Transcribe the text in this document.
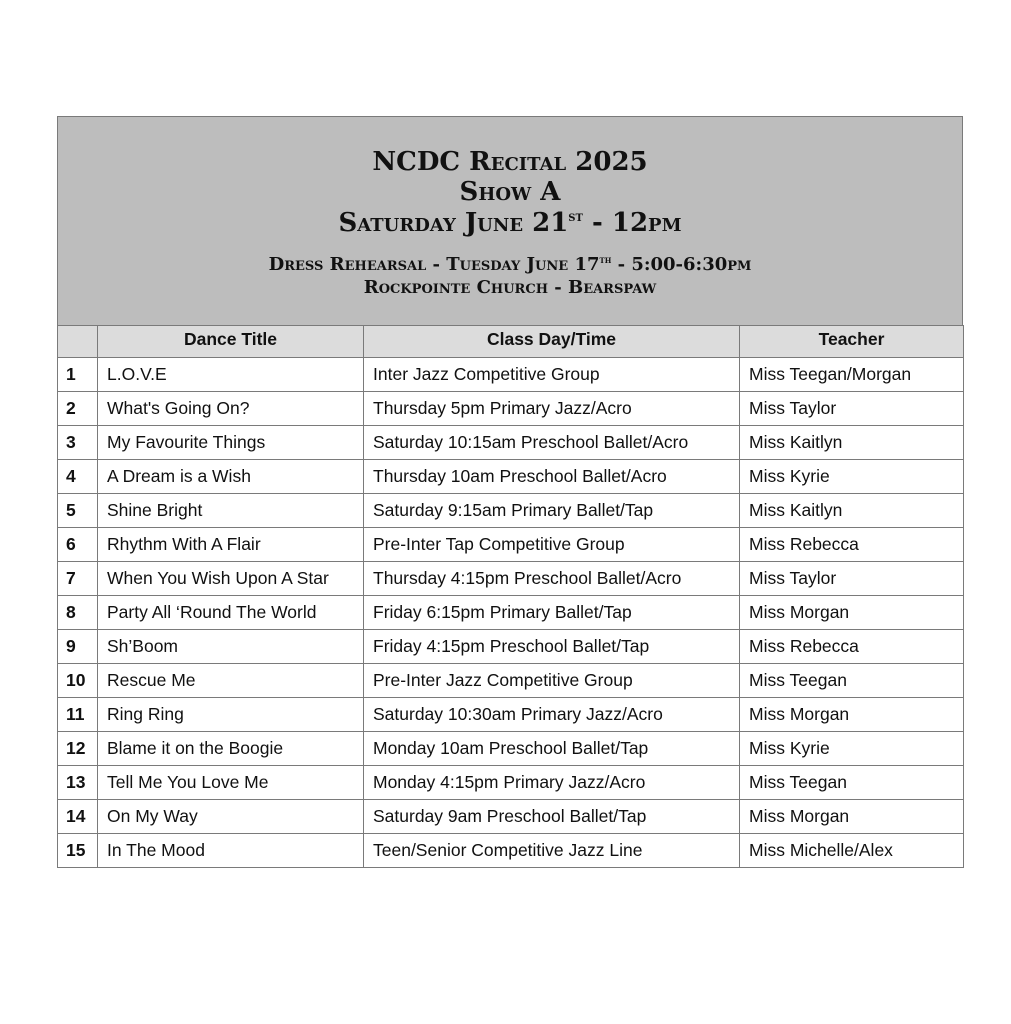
NCDC Recital 2025
Show A
Saturday June 21st - 12pm
Dress Rehearsal - Tuesday June 17th - 5:00-6:30pm
Rockpointe Church - Bearspaw
	Dance Title	Class Day/Time	Teacher
1	L.O.V.E	Inter Jazz Competitive Group	Miss Teegan/Morgan
2	What's Going On?	Thursday 5pm Primary Jazz/Acro	Miss Taylor
3	My Favourite Things	Saturday 10:15am Preschool Ballet/Acro	Miss Kaitlyn
4	A Dream is a Wish	Thursday 10am Preschool Ballet/Acro	Miss Kyrie
5	Shine Bright	Saturday 9:15am Primary Ballet/Tap	Miss Kaitlyn
6	Rhythm With A Flair	Pre-Inter Tap Competitive Group	Miss Rebecca
7	When You Wish Upon A Star	Thursday 4:15pm Preschool Ballet/Acro	Miss Taylor
8	Party All ‘Round The World	Friday 6:15pm Primary Ballet/Tap	Miss Morgan
9	Sh’Boom	Friday 4:15pm Preschool Ballet/Tap	Miss Rebecca
10	Rescue Me	Pre-Inter Jazz Competitive Group	Miss Teegan
11	Ring Ring	Saturday 10:30am Primary Jazz/Acro	Miss Morgan
12	Blame it on the Boogie	Monday 10am Preschool Ballet/Tap	Miss Kyrie
13	Tell Me You Love Me	Monday 4:15pm Primary Jazz/Acro	Miss Teegan
14	On My Way	Saturday 9am Preschool Ballet/Tap	Miss Morgan
15	In The Mood	Teen/Senior Competitive Jazz Line	Miss Michelle/Alex
